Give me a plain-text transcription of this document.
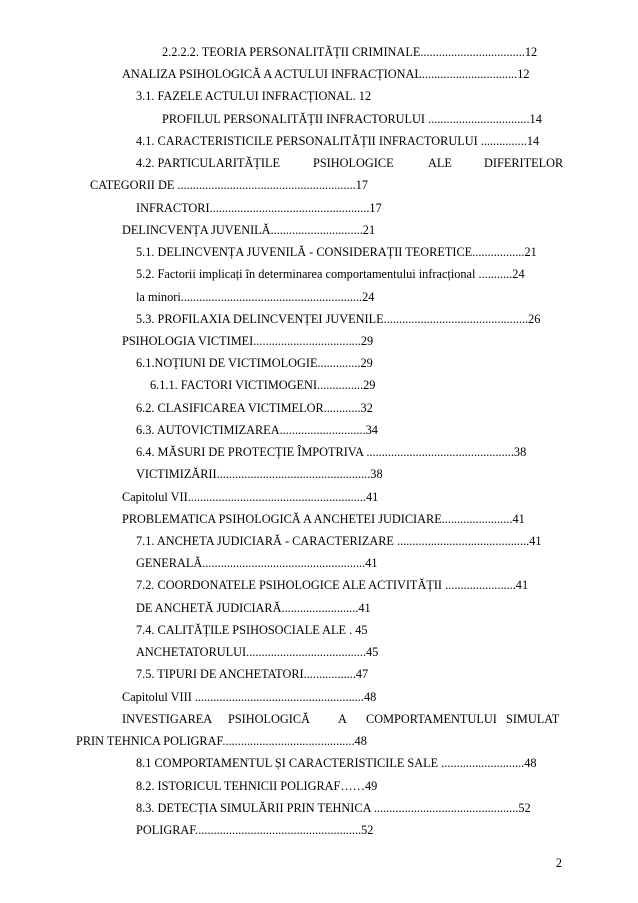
2.2.2.2. TEORIA PERSONALITĂȚII CRIMINALE..................................12
ANALIZA PSIHOLOGICĂ A ACTULUI INFRACȚIONAL...............................12
3.1. FAZELE ACTULUI INFRACȚIONAL. 12
PROFILUL PERSONALITĂȚII INFRACTORULUI .................................14
4.1. CARACTERISTICILE PERSONALITĂȚII INFRACTORULUI ...............14
4.2. PARTICULARITĂȚILE	PSIHOLOGICE	ALE	DIFERITELOR
CATEGORII DE ..........................................................17
INFRACTORI....................................................17
DELINCVENȚA JUVENILĂ..............................21
5.1. DELINCVENȚA JUVENILĂ - CONSIDERAȚII TEORETICE.................21
5.2. Factorii implicați în determinarea comportamentului infracțional ...........24
la minori...........................................................24
5.3. PROFILAXIA DELINCVENȚEI JUVENILE...............................................26
PSIHOLOGIA VICTIMEI...................................29
6.1.NOȚIUNI DE VICTIMOLOGIE..............29
6.1.1. FACTORI VICTIMOGENI...............29
6.2. CLASIFICAREA VICTIMELOR............32
6.3. AUTOVICTIMIZAREA............................34
6.4. MĂSURI DE PROTECȚIE ÎMPOTRIVA ................................................38
VICTIMIZĂRII..................................................38
Capitolul VII..........................................................41
PROBLEMATICA PSIHOLOGICĂ A ANCHETEI JUDICIARE.......................41
7.1. ANCHETA JUDICIARĂ - CARACTERIZARE ...........................................41
GENERALĂ.....................................................41
7.2. COORDONATELE PSIHOLOGICE ALE ACTIVITĂȚII .......................41
DE ANCHETĂ JUDICIARĂ.........................41
7.4. CALITĂȚILE PSIHOSOCIALE ALE . 45
ANCHETATORULUI.......................................45
7.5. TIPURI DE ANCHETATORI.................47
Capitolul VIII .......................................................48
INVESTIGAREA PSIHOLOGICĂ A COMPORTAMENTULUI SIMULAT
PRIN TEHNICA POLIGRAF...........................................48
8.1 COMPORTAMENTUL ȘI CARACTERISTICILE SALE ...........................48
8.2. ISTORICUL TEHNICII POLIGRAF……49
8.3. DETECȚIA SIMULĂRII PRIN TEHNICA ...............................................52
POLIGRAF......................................................52
2
